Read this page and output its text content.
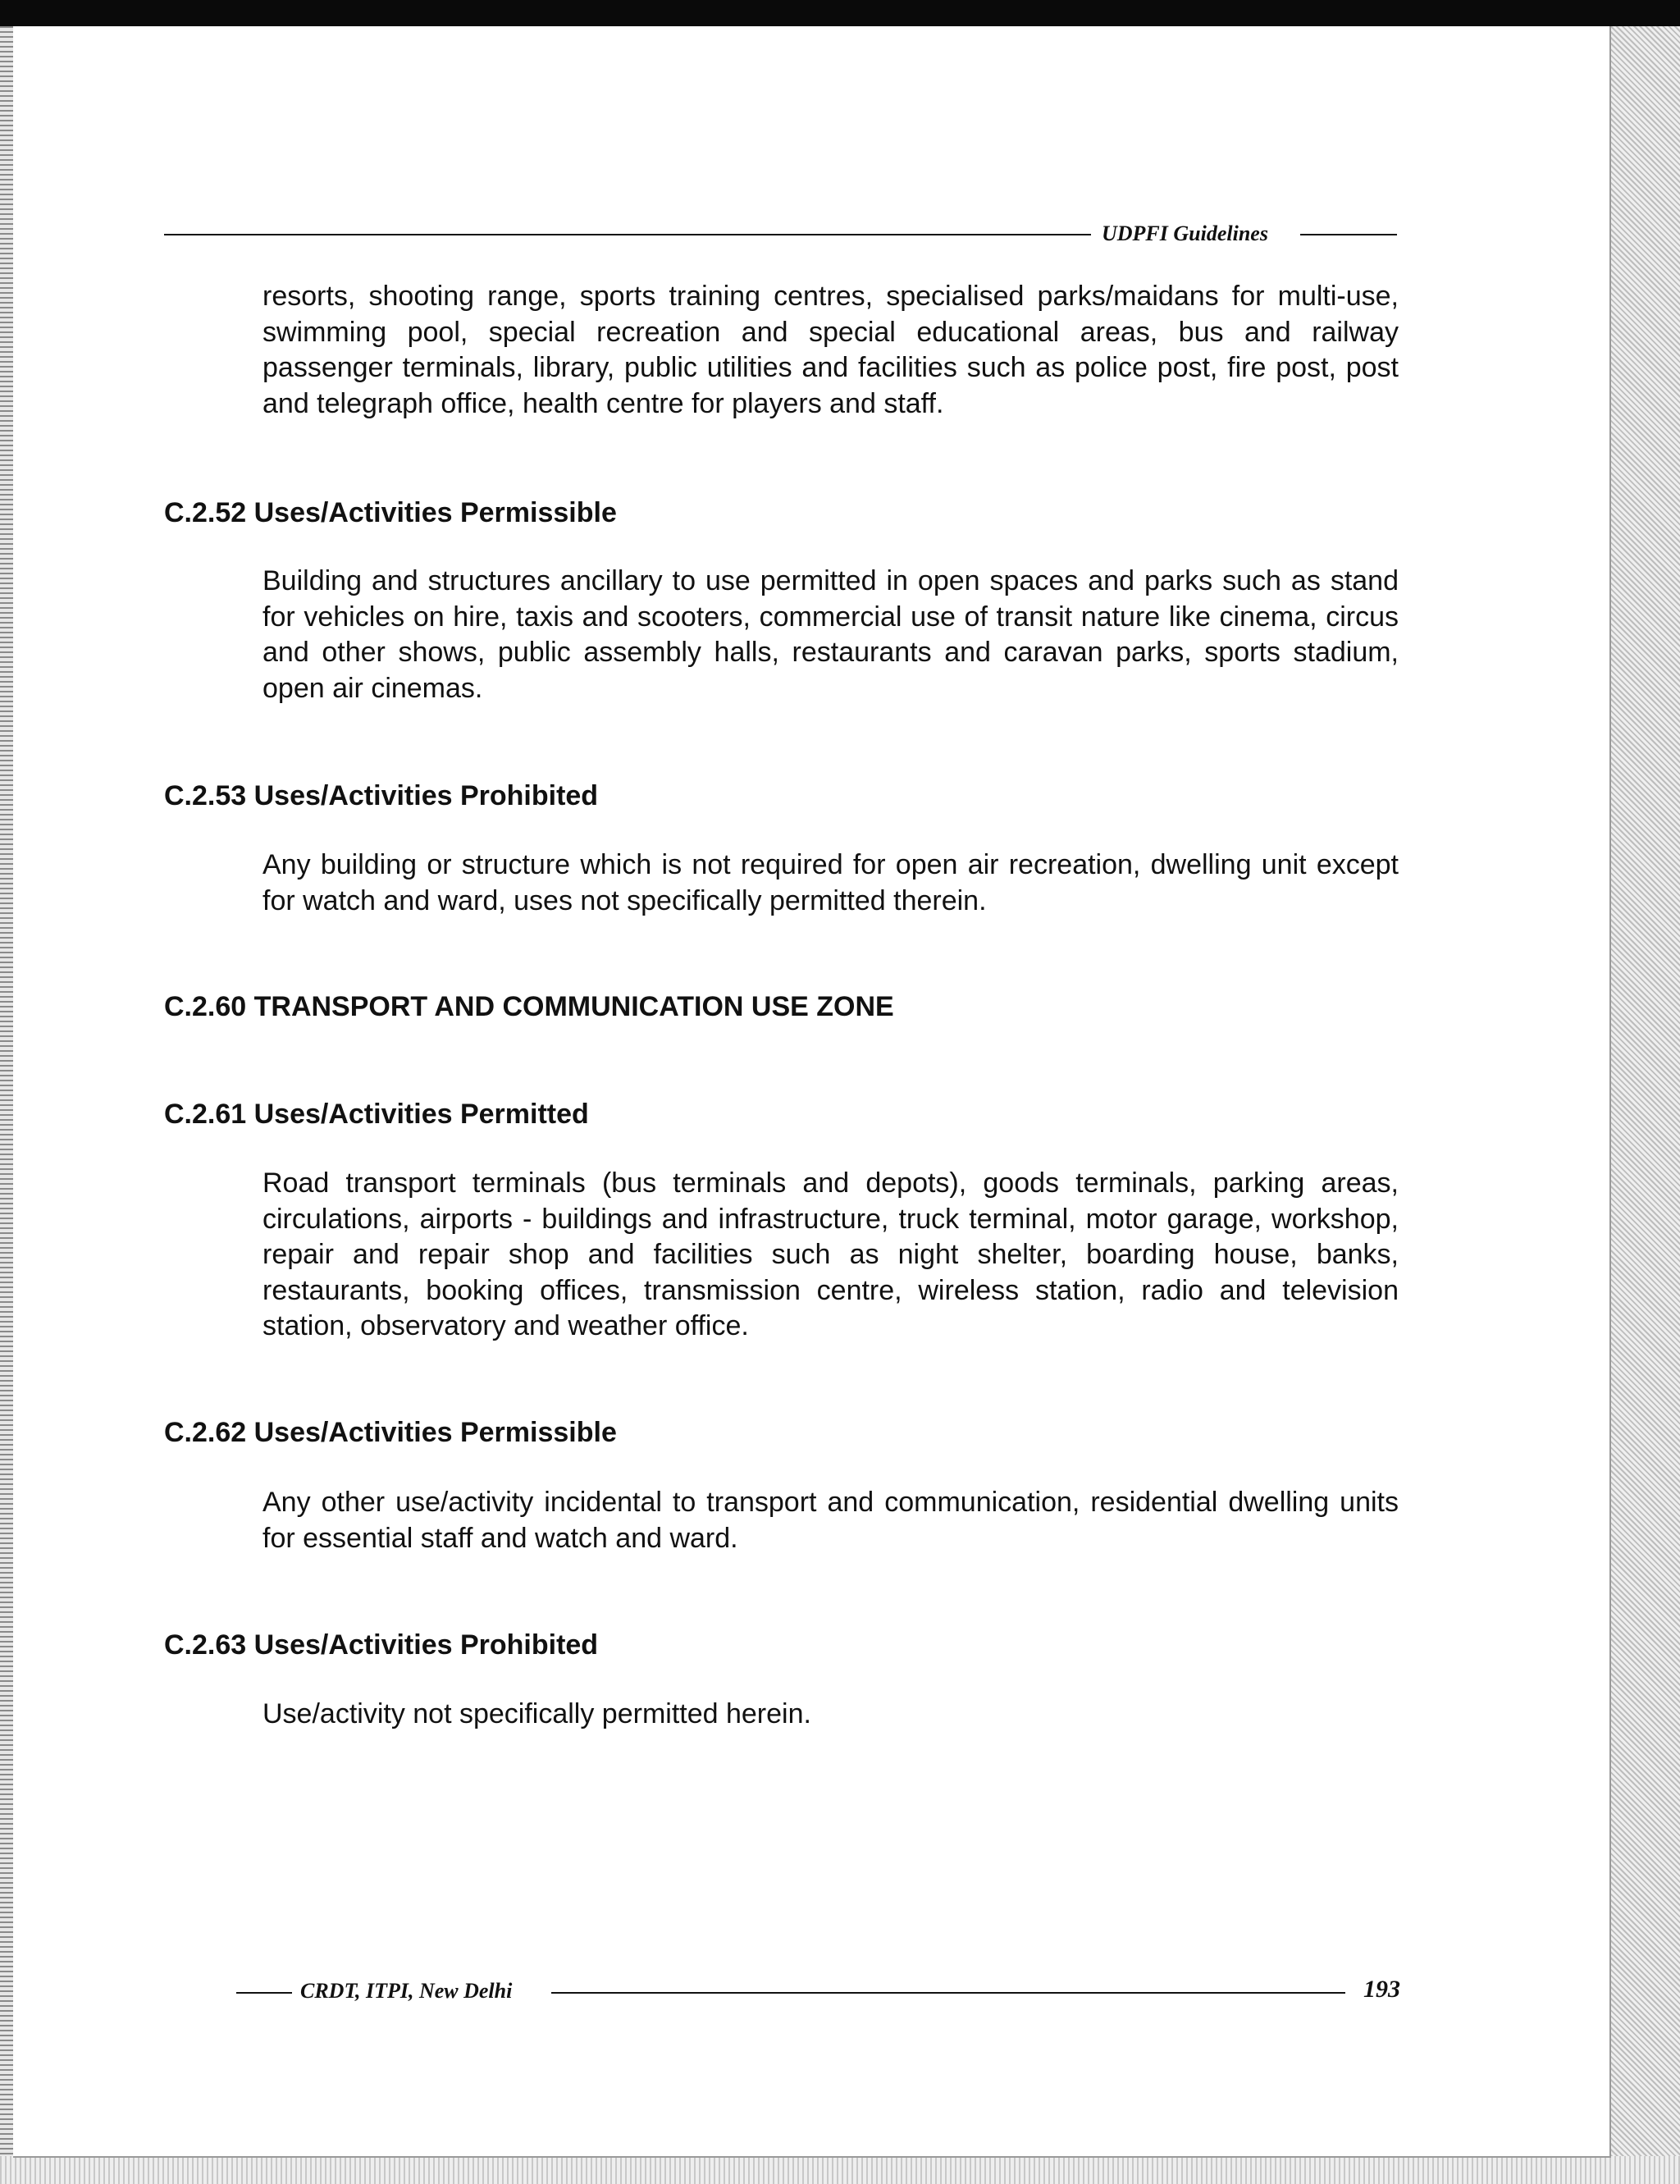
UDPFI Guidelines

resorts, shooting range, sports training centres, specialised parks/maidans for multi-use, swimming pool, special recreation and special educational areas, bus and railway passenger terminals, library, public utilities and facilities such as police post, fire post, post and telegraph office, health centre for players and staff.

C.2.52 Uses/Activities Permissible

Building and structures ancillary to use permitted in open spaces and parks such as stand for vehicles on hire, taxis and scooters, commercial use of transit nature like cinema, circus and other shows, public assembly halls, restaurants and caravan parks, sports stadium, open air cinemas.

C.2.53 Uses/Activities Prohibited

Any building or structure which is not required for open air recreation, dwelling unit except for watch and ward, uses not specifically permitted therein.

C.2.60 TRANSPORT AND COMMUNICATION USE ZONE
C.2.61 Uses/Activities Permitted

Road transport terminals (bus terminals and depots), goods terminals, parking areas, circulations, airports - buildings and infrastructure, truck terminal, motor garage, workshop, repair and repair shop and facilities such as night shelter, boarding house, banks, restaurants, booking offices, transmission centre, wireless station, radio and television station, observatory and weather office.

C.2.62 Uses/Activities Permissible

Any other use/activity incidental to transport and communication, residential dwelling units for essential staff and watch and ward.

C.2.63 Uses/Activities Prohibited

Use/activity not specifically permitted herein.

CRDT, ITPI, New Delhi	193
